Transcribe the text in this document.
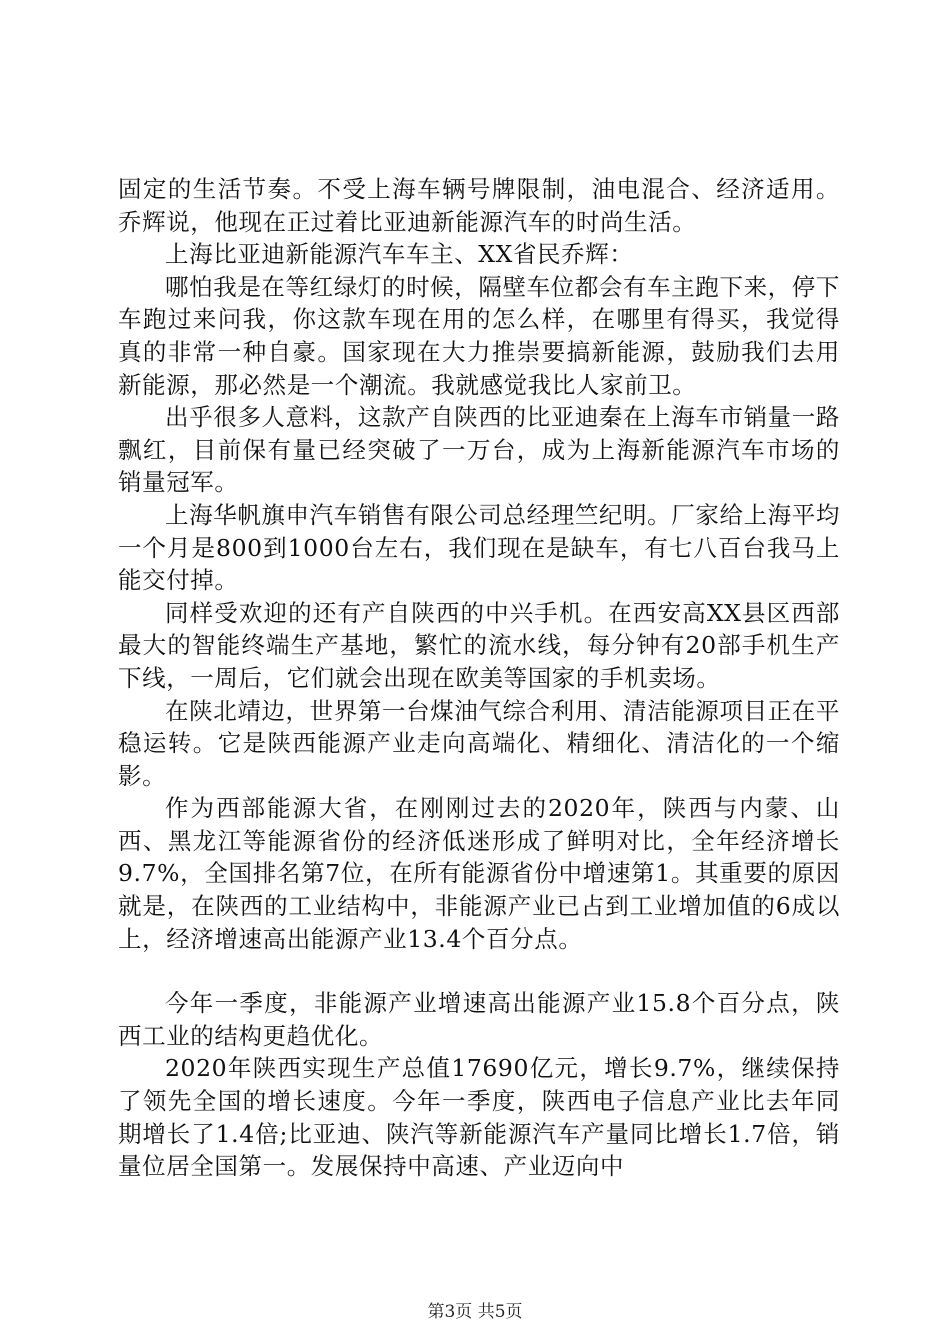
固定的生活节奏。不受上海车辆号牌限制，油电混合、经济适用。乔辉说，他现在正过着比亚迪新能源汽车的时尚生活。

上海比亚迪新能源汽车车主、XX省民乔辉：

哪怕我是在等红绿灯的时候，隔壁车位都会有车主跑下来，停下车跑过来问我，你这款车现在用的怎么样，在哪里有得买，我觉得真的非常一种自豪。国家现在大力推崇要搞新能源，鼓励我们去用新能源，那必然是一个潮流。我就感觉我比人家前卫。

出乎很多人意料，这款产自陕西的比亚迪秦在上海车市销量一路飘红，目前保有量已经突破了一万台，成为上海新能源汽车市场的销量冠军。

上海华帆旗申汽车销售有限公司总经理竺纪明。厂家给上海平均一个月是800到1000台左右，我们现在是缺车，有七八百台我马上能交付掉。

同样受欢迎的还有产自陕西的中兴手机。在西安高XX县区西部最大的智能终端生产基地，繁忙的流水线，每分钟有20部手机生产下线，一周后，它们就会出现在欧美等国家的手机卖场。

在陕北靖边，世界第一台煤油气综合利用、清洁能源项目正在平稳运转。它是陕西能源产业走向高端化、精细化、清洁化的一个缩影。

作为西部能源大省，在刚刚过去的2020年，陕西与内蒙、山西、黑龙江等能源省份的经济低迷形成了鲜明对比，全年经济增长9.7%，全国排名第7位，在所有能源省份中增速第1。其重要的原因就是，在陕西的工业结构中，非能源产业已占到工业增加值的6成以上，经济增速高出能源产业13.4个百分点。

今年一季度，非能源产业增速高出能源产业15.8个百分点，陕西工业的结构更趋优化。

2020年陕西实现生产总值17690亿元，增长9.7%，继续保持了领先全国的增长速度。今年一季度，陕西电子信息产业比去年同期增长了1.4倍;比亚迪、陕汽等新能源汽车产量同比增长1.7倍，销量位居全国第一。发展保持中高速、产业迈向中

第3页 共5页
